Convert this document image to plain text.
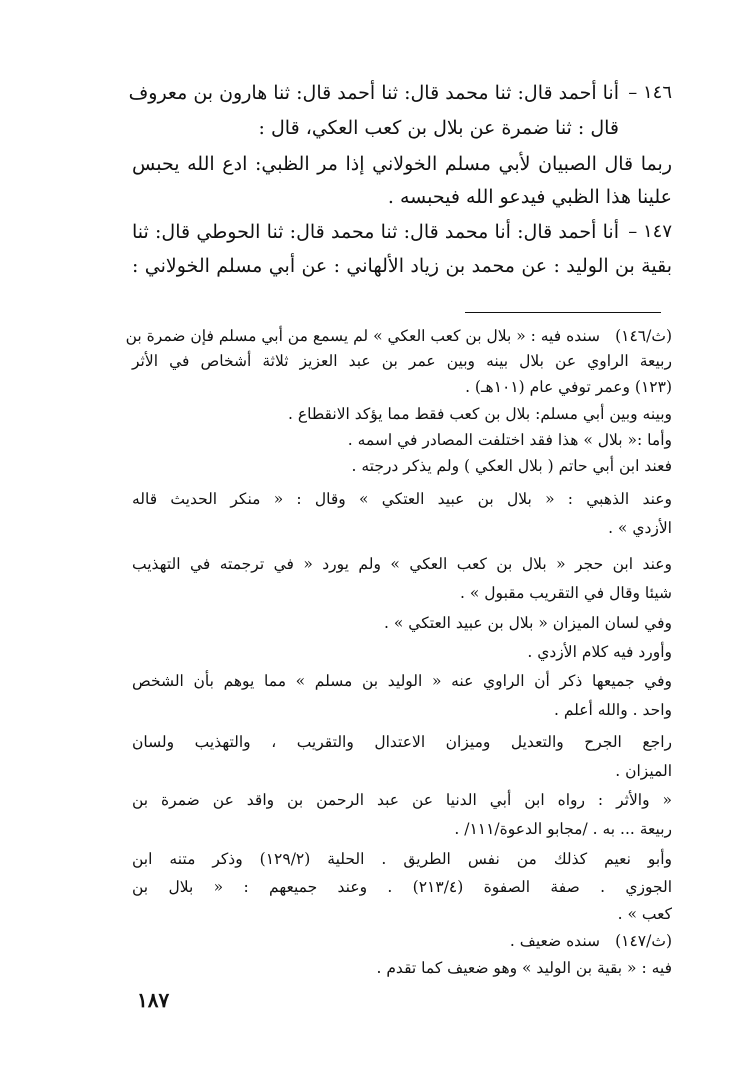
١٤٦ –
أنا أحمد قال: ثنا محمد قال: ثنا أحمد قال: ثنا هارون بن معروف
قال : ثنا ضمرة عن بلال بن كعب العكي، قال :
ربما قال الصبيان لأبي مسلم الخولاني إذا مر الظبي: ادع الله يحبس
علينا هذا الظبي فيدعو الله فيحبسه .
١٤٧ –
أنا أحمد قال: أنا محمد قال: ثنا محمد قال: ثنا الحوطي قال: ثنا
بقية بن الوليد : عن محمد بن زياد الألهاني : عن أبي مسلم الخولاني :
(ث/١٤٦)
سنده فيه : « بلال بن كعب العكي » لم يسمع من أبي مسلم فإن ضمرة بن
ربيعة الراوي عن بلال بينه وبين عمر بن عبد العزيز ثلاثة أشخاص في الأثر
(١٢٣) وعمر توفي عام (١٠١هـ) .
وبينه وبين أبي مسلم: بلال بن كعب فقط مما يؤكد الانقطاع .
وأما :« بلال » هذا فقد اختلفت المصادر في اسمه .
فعند ابن أبي حاتم ( بلال العكي ) ولم يذكر درجته .
وعند الذهبي : « بلال بن عبيد العتكي » وقال : « منكر الحديث قاله
الأزدي » .
وعند ابن حجر « بلال بن كعب العكي » ولم يورد « في ترجمته في التهذيب
شيئا وقال في التقريب مقبول » .
وفي لسان الميزان « بلال بن عبيد العتكي » .
وأورد فيه كلام الأزدي .
وفي جميعها ذكر أن الراوي عنه « الوليد بن مسلم » مما يوهم بأن الشخص
واحد . والله أعلم .
راجع الجرح والتعديل وميزان الاعتدال والتقريب ، والتهذيب ولسان
الميزان .
« والأثر : رواه ابن أبي الدنيا عن عبد الرحمن بن واقد عن ضمرة بن
ربيعة ... به . /مجابو الدعوة/١١١/ .
وأبو نعيم كذلك من نفس الطريق . الحلية (١٢٩/٢) وذكر متنه ابن
الجوزي . صفة الصفوة (٢١٣/٤) . وعند جميعهم : « بلال بن
كعب » .
(ث/١٤٧)
سنده ضعيف .
فيه : « بقية بن الوليد » وهو ضعيف كما تقدم .
١٨٧
